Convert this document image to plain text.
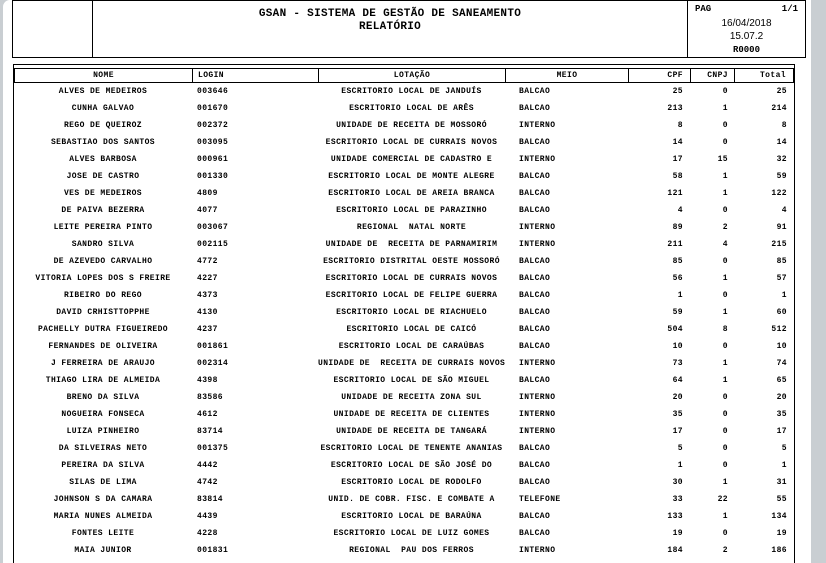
GSAN - SISTEMA DE GESTÃO DE SANEAMENTO
RELATÓRIO
PAG	1/1
16/04/2018
15.07.2
R0000
NOME	LOGIN	LOTAÇÃO	MEIO	CPF	CNPJ	Total
ALVES DE MEDEIROS	003646	ESCRITORIO LOCAL DE JANDUÍS	BALCAO	25	0	25
CUNHA GALVAO	001670	ESCRITORIO LOCAL DE ARÊS	BALCAO	213	1	214
REGO DE QUEIROZ	002372	UNIDADE DE RECEITA DE MOSSORÓ	INTERNO	8	0	8
SEBASTIAO DOS SANTOS	003095	ESCRITORIO LOCAL DE CURRAIS NOVOS	BALCAO	14	0	14
ALVES BARBOSA	000961	UNIDADE COMERCIAL DE CADASTRO E	INTERNO	17	15	32
JOSE DE CASTRO	001330	ESCRITORIO LOCAL DE MONTE ALEGRE	BALCAO	58	1	59
VES DE MEDEIROS	4809	ESCRITORIO LOCAL DE AREIA BRANCA	BALCAO	121	1	122
DE PAIVA BEZERRA	4077	ESCRITORIO LOCAL DE PARAZINHO	BALCAO	4	0	4
LEITE PEREIRA PINTO	003067	REGIONAL  NATAL NORTE	INTERNO	89	2	91
SANDRO SILVA	002115	UNIDADE DE  RECEITA DE PARNAMIRIM	INTERNO	211	4	215
DE AZEVEDO CARVALHO	4772	ESCRITORIO DISTRITAL OESTE MOSSORÓ	BALCAO	85	0	85
VITORIA LOPES DOS S FREIRE	4227	ESCRITORIO LOCAL DE CURRAIS NOVOS	BALCAO	56	1	57
RIBEIRO DO REGO	4373	ESCRITORIO LOCAL DE FELIPE GUERRA	BALCAO	1	0	1
DAVID CRHISTTOPPHE	4130	ESCRITORIO LOCAL DE RIACHUELO	BALCAO	59	1	60
PACHELLY DUTRA FIGUEIREDO	4237	ESCRITORIO LOCAL DE CAICÓ	BALCAO	504	8	512
FERNANDES DE OLIVEIRA	001861	ESCRITORIO LOCAL DE CARAÚBAS	BALCAO	10	0	10
J FERREIRA DE ARAUJO	002314	UNIDADE DE  RECEITA DE CURRAIS NOVOS	INTERNO	73	1	74
THIAGO LIRA DE ALMEIDA	4398	ESCRITORIO LOCAL DE SÃO MIGUEL	BALCAO	64	1	65
BRENO DA SILVA	83586	UNIDADE DE RECEITA ZONA SUL	INTERNO	20	0	20
NOGUEIRA FONSECA	4612	UNIDADE DE RECEITA DE CLIENTES	INTERNO	35	0	35
LUIZA PINHEIRO	83714	UNIDADE DE RECEITA DE TANGARÁ	INTERNO	17	0	17
DA SILVEIRAS NETO	001375	ESCRITORIO LOCAL DE TENENTE ANANIAS	BALCAO	5	0	5
PEREIRA DA SILVA	4442	ESCRITORIO LOCAL DE SÃO JOSÉ DO	BALCAO	1	0	1
SILAS DE LIMA	4742	ESCRITORIO LOCAL DE RODOLFO	BALCAO	30	1	31
JOHNSON S DA CAMARA	83814	UNID. DE COBR. FISC. E COMBATE A	TELEFONE	33	22	55
MARIA NUNES ALMEIDA	4439	ESCRITORIO LOCAL DE BARAÚNA	BALCAO	133	1	134
FONTES LEITE	4228	ESCRITORIO LOCAL DE LUIZ GOMES	BALCAO	19	0	19
MAIA JUNIOR	001831	REGIONAL  PAU DOS FERROS	INTERNO	184	2	186
